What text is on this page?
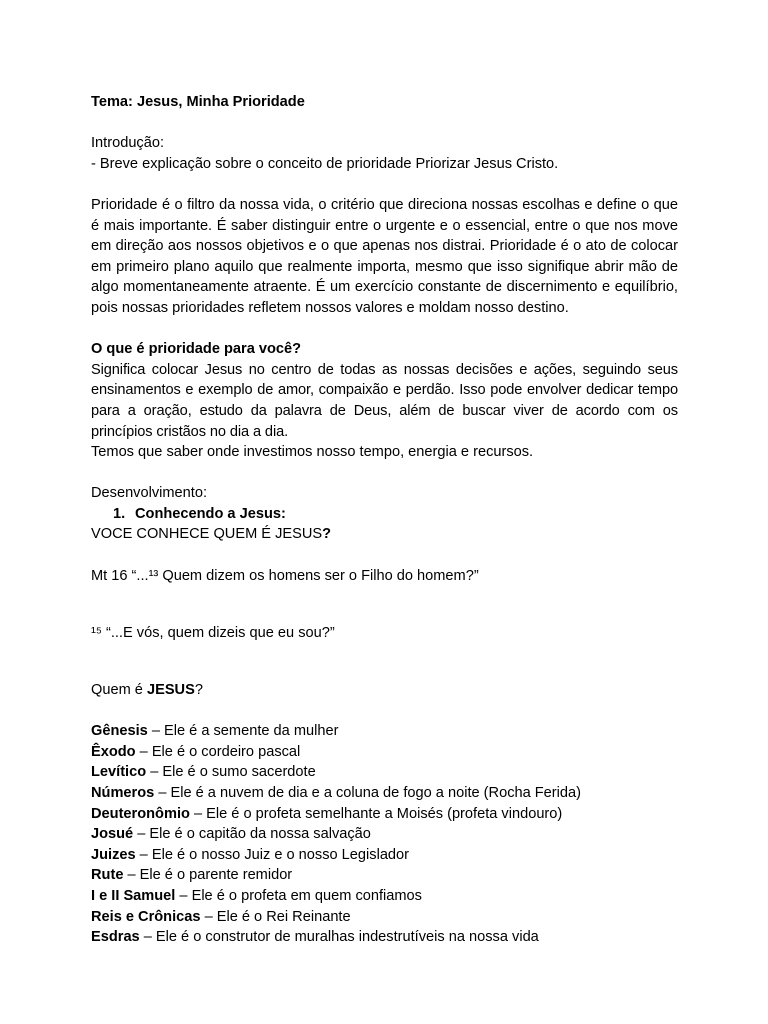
Tema: Jesus, Minha Prioridade

Introdução:

- Breve explicação sobre o conceito de prioridade Priorizar Jesus Cristo.

Prioridade é o filtro da nossa vida, o critério que direciona nossas escolhas e define o que é mais importante. É saber distinguir entre o urgente e o essencial, entre o que nos move em direção aos nossos objetivos e o que apenas nos distrai. Prioridade é o ato de colocar em primeiro plano aquilo que realmente importa, mesmo que isso signifique abrir mão de algo momentaneamente atraente. É um exercício constante de discernimento e equilíbrio, pois nossas prioridades refletem nossos valores e moldam nosso destino.

O que é prioridade para você?

Significa colocar Jesus no centro de todas as nossas decisões e ações, seguindo seus ensinamentos e exemplo de amor, compaixão e perdão. Isso pode envolver dedicar tempo para a oração, estudo da palavra de Deus, além de buscar viver de acordo com os princípios cristãos no dia a dia.

Temos que saber onde investimos nosso tempo, energia e recursos.

Desenvolvimento:

1. Conhecendo a Jesus:

VOCE CONHECE QUEM É JESUS?

Mt 16 “...¹³ Quem dizem os homens ser o Filho do homem?”

¹⁵ “...E vós, quem dizeis que eu sou?”

Quem é JESUS?

Gênesis – Ele é a semente da mulher

Êxodo – Ele é o cordeiro pascal

Levítico – Ele é o sumo sacerdote

Números – Ele é a nuvem de dia e a coluna de fogo a noite (Rocha Ferida)

Deuteronômio – Ele é o profeta semelhante a Moisés (profeta vindouro)

Josué – Ele é o capitão da nossa salvação

Juizes – Ele é o nosso Juiz e o nosso Legislador

Rute – Ele é o parente remidor

I e II Samuel – Ele é o profeta em quem confiamos

Reis e Crônicas – Ele é o Rei Reinante

Esdras – Ele é o construtor de muralhas indestrutíveis na nossa vida
